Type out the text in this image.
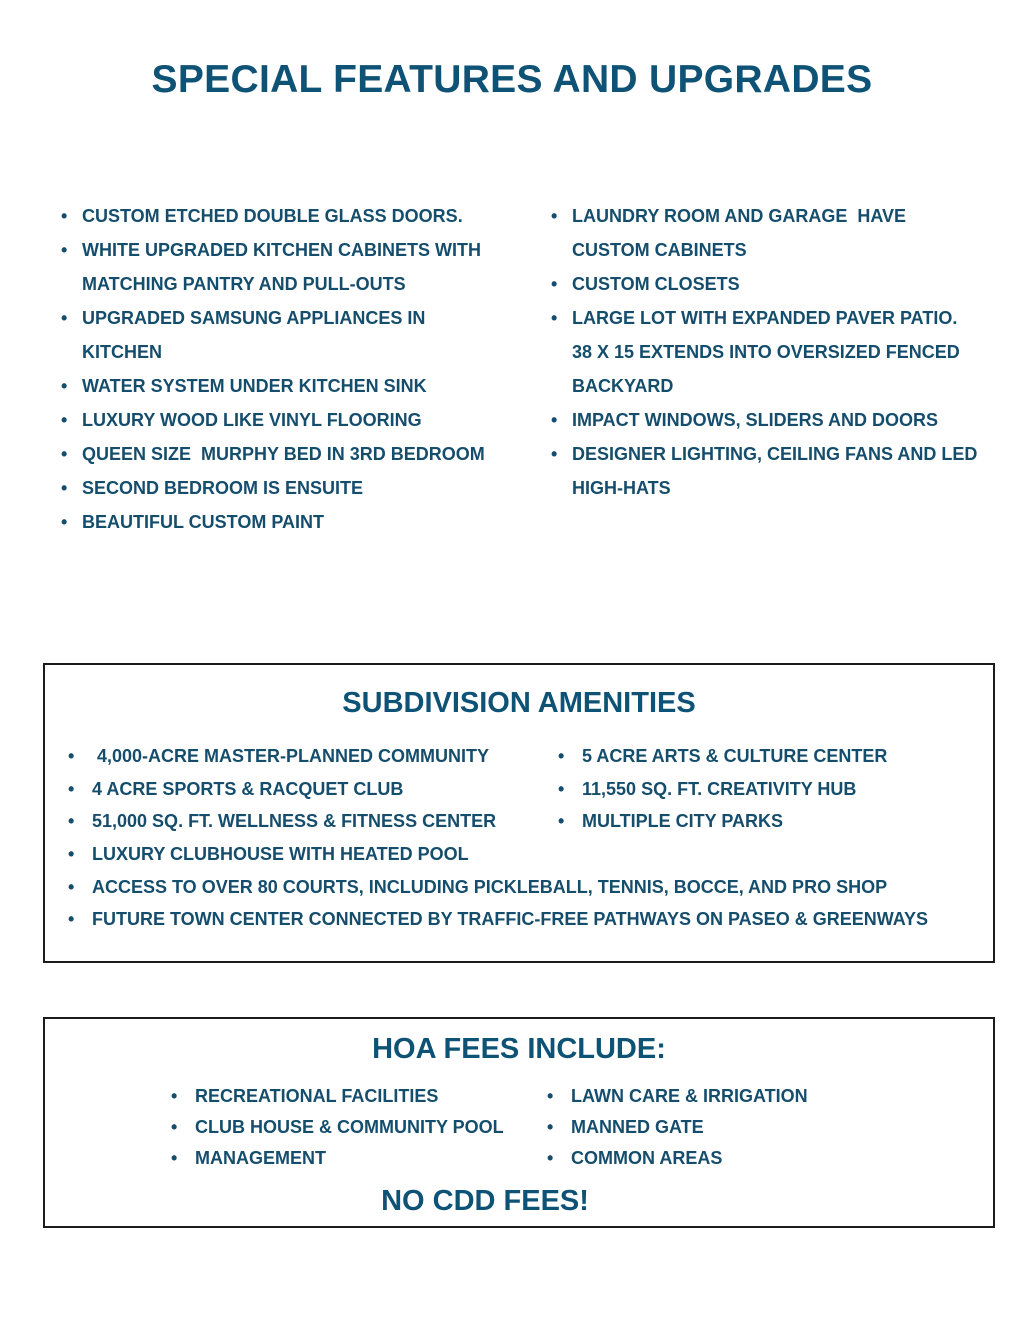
SPECIAL FEATURES AND UPGRADES
• CUSTOM ETCHED DOUBLE GLASS DOORS.
• WHITE UPGRADED KITCHEN CABINETS WITH
MATCHING PANTRY AND PULL-OUTS
• UPGRADED SAMSUNG APPLIANCES IN
KITCHEN
• WATER SYSTEM UNDER KITCHEN SINK
• LUXURY WOOD LIKE VINYL FLOORING
• QUEEN SIZE  MURPHY BED IN 3RD BEDROOM
• SECOND BEDROOM IS ENSUITE
• BEAUTIFUL CUSTOM PAINT
• LAUNDRY ROOM AND GARAGE  HAVE
CUSTOM CABINETS
• CUSTOM CLOSETS
• LARGE LOT WITH EXPANDED PAVER PATIO.
38 X 15 EXTENDS INTO OVERSIZED FENCED
BACKYARD
• IMPACT WINDOWS, SLIDERS AND DOORS
• DESIGNER LIGHTING, CEILING FANS AND LED
HIGH-HATS
SUBDIVISION AMENITIES
• 4,000-ACRE MASTER-PLANNED COMMUNITY
• 4 ACRE SPORTS & RACQUET CLUB
• 51,000 SQ. FT. WELLNESS & FITNESS CENTER
• 5 ACRE ARTS & CULTURE CENTER
• 11,550 SQ. FT. CREATIVITY HUB
• MULTIPLE CITY PARKS
• LUXURY CLUBHOUSE WITH HEATED POOL
• ACCESS TO OVER 80 COURTS, INCLUDING PICKLEBALL, TENNIS, BOCCE, AND PRO SHOP
• FUTURE TOWN CENTER CONNECTED BY TRAFFIC-FREE PATHWAYS ON PASEO & GREENWAYS
HOA FEES INCLUDE:
• RECREATIONAL FACILITIES
• CLUB HOUSE & COMMUNITY POOL
• MANAGEMENT
• LAWN CARE & IRRIGATION
• MANNED GATE
• COMMON AREAS
NO CDD FEES!
